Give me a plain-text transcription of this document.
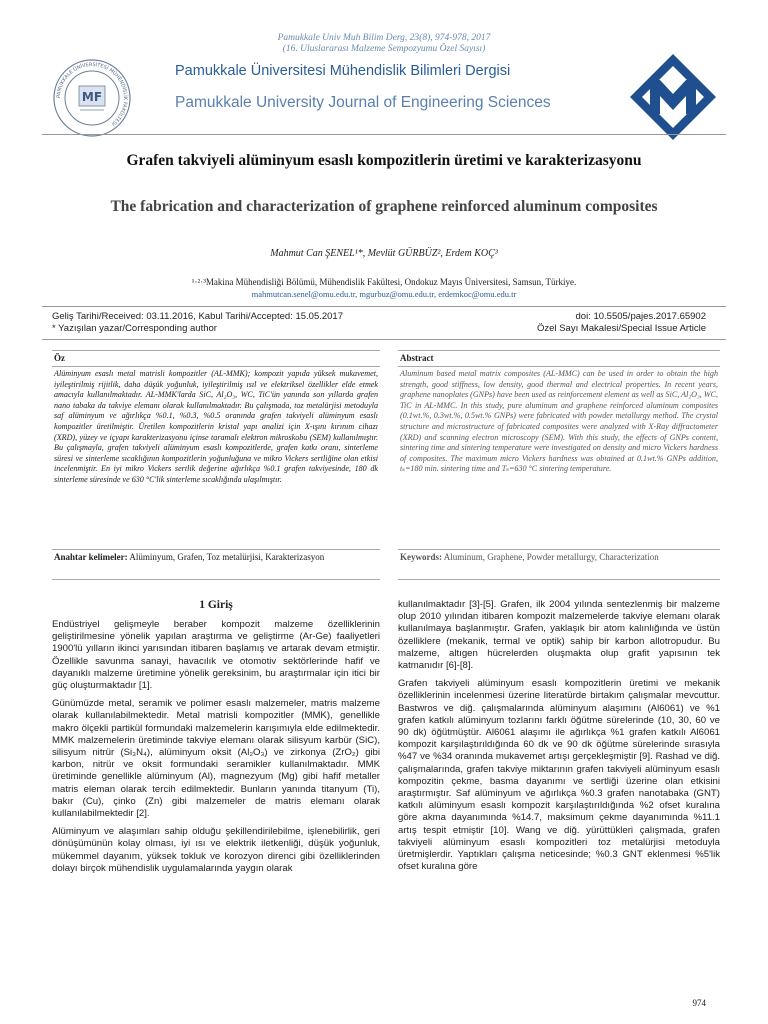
Pamukkale Univ Muh Bilim Derg, 23(8), 974-978, 2017
(16. Uluslararası Malzeme Sempozyumu Özel Sayısı)
PAMUKKALE ÜNİVERSİTESİ MÜHENDİSLİK FAKÜLTESİ
MF
Pamukkale Üniversitesi Mühendislik Bilimleri Dergisi
Pamukkale University Journal of Engineering Sciences
Grafen takviyeli alüminyum esaslı kompozitlerin üretimi ve karakterizasyonu
The fabrication and characterization of graphene reinforced aluminum composites
Mahmut Can ŞENEL¹*, Mevlüt GÜRBÜZ², Erdem KOÇ³
¹·²·³Makina Mühendisliği Bölümü, Mühendislik Fakültesi, Ondokuz Mayıs Üniversitesi, Samsun, Türkiye.
mahmutcan.senel@omu.edu.tr, mgurbuz@omu.edu.tr, erdemkoc@omu.edu.tr
Geliş Tarihi/Received: 03.11.2016, Kabul Tarihi/Accepted: 15.05.2017
* Yazışılan yazar/Corresponding author
doi: 10.5505/pajes.2017.65902
Özel Sayı Makalesi/Special Issue Article
Öz
Alüminyum esaslı metal matrisli kompozitler (AL-MMK); kompozit yapıda yüksek mukavemet, iyileştirilmiş rijitlik, daha düşük yoğunluk, iyileştirilmiş ısıl ve elektriksel özellikler elde etmek amacıyla kullanılmaktadır. AL-MMK'larda SiC, Al₂O₃, WC, TiC'ün yanında son yıllarda grafen nano tabaka da takviye elemanı olarak kullanılmaktadır. Bu çalışmada, toz metalürjisi metoduyla saf alüminyum ve ağırlıkça %0.1, %0.3, %0.5 oranında grafen takviyeli alüminyum esaslı kompozitler üretilmiştir. Üretilen kompozitlerin kristal yapı analizi için X-ışını kırınım cihazı (XRD), yüzey ve içyapı karakterizasyonu içinse taramalı elektron mikroskobu (SEM) kullanılmıştır. Bu çalışmayla, grafen takviyeli alüminyum esaslı kompozitlerde, grafen katkı oranı, sinterleme süresi ve sinterleme sıcaklığının kompozitlerin yoğunluğuna ve mikro Vickers sertliğine olan etkisi incelenmiştir. En iyi mikro Vickers sertlik değerine ağırlıkça %0.1 grafen takviyesinde, 180 dk sinterleme süresinde ve 630 °C'lik sinterleme sıcaklığında ulaşılmıştır.
Anahtar kelimeler: Alüminyum, Grafen, Toz metalürjisi, Karakterizasyon
Abstract
Aluminum based metal matrix composites (AL-MMC) can be used in order to obtain the high strength, good stiffness, low density, good thermal and electrical properties. In recent years, graphene nanoplates (GNPs) have been used as reinforcement element as well as SiC, Al₂O₃, WC, TiC in AL-MMC. In this study, pure aluminum and graphene reinforced aluminum composites (0.1wt.%, 0.3wt.%, 0.5wt.% GNPs) were fabricated with powder metallurgy method. The crystal structure and microstructure of fabricated composites were analyzed with X-Ray diffractometer (XRD) and scanning electron microscopy (SEM). With this study, the effects of GNPs content, sintering time and sintering temperature were investigated on density and micro Vickers hardness of composites. The maximum micro Vickers hardness was obtained at 0.1wt.% GNPs addition, tₛ=180 min. sintering time and Tₛ=630 °C sintering temperature.
Keywords: Aluminum, Graphene, Powder metallurgy, Characterization
1 Giriş

Endüstriyel gelişmeyle beraber kompozit malzeme özelliklerinin geliştirilmesine yönelik yapılan araştırma ve geliştirme (Ar-Ge) faaliyetleri 1900'lü yılların ikinci yarısından itibaren başlamış ve artarak devam etmiştir. Özellikle savunma sanayi, havacılık ve otomotiv sektörlerinde hafif ve dayanıklı malzeme üretimine yönelik gereksinim, bu araştırmalar için itici bir güç oluşturmaktadır [1].

Günümüzde metal, seramik ve polimer esaslı malzemeler, matris malzeme olarak kullanılabilmektedir. Metal matrisli kompozitler (MMK), genellikle makro ölçekli partikül formundaki malzemelerin karışımıyla elde edilmektedir. MMK malzemelerin üretiminde takviye elemanı olarak silisyum karbür (SiC), silisyum nitrür (Si₃N₄), alüminyum oksit (Al₂O₃) ve zirkonya (ZrO₂) gibi karbon, nitrür ve oksit formundaki seramikler kullanılmaktadır. MMK üretiminde genellikle alüminyum (Al), magnezyum (Mg) gibi hafif metaller matris eleman olarak tercih edilmektedir. Bunların yanında titanyum (Ti), bakır (Cu), çinko (Zn) gibi malzemeler de matris elemanı olarak kullanılabilmektedir [2].

Alüminyum ve alaşımları sahip olduğu şekillendirilebilme, işlenebilirlik, geri dönüşümünün kolay olması, iyi ısı ve elektrik iletkenliği, düşük yoğunluk, mükemmel dayanım, yüksek tokluk ve korozyon direnci gibi özelliklerinden dolayı birçok mühendislik uygulamalarında yaygın olarak

kullanılmaktadır [3]-[5]. Grafen, ilk 2004 yılında sentezlenmiş bir malzeme olup 2010 yılından itibaren kompozit malzemelerde takviye elemanı olarak kullanılmaya başlanmıştır. Grafen, yaklaşık bir atom kalınlığında ve üstün özelliklere (mekanik, termal ve optik) sahip bir karbon allotropudur. Bu malzeme, altıgen hücrelerden oluşmakta olup grafit yapısının tek katmanıdır [6]-[8].

Grafen takviyeli alüminyum esaslı kompozitlerin üretimi ve mekanik özelliklerinin incelenmesi üzerine literatürde birtakım çalışmalar mevcuttur. Bastwros ve diğ. çalışmalarında alüminyum alaşımını (Al6061) ve %1 grafen katkılı alüminyum tozlarını farklı öğütme sürelerinde (10, 30, 60 ve 90 dk) öğütmüştür. Al6061 alaşımı ile ağırlıkça %1 grafen katkılı Al6061 kompozit karşılaştırıldığında 60 dk ve 90 dk öğütme sürelerinde sırasıyla %47 ve %34 oranında mukavemet artışı gerçekleşmiştir [9]. Rashad ve diğ. çalışmalarında, grafen takviye miktarının grafen takviyeli alüminyum esaslı kompozitin çekme, basma dayanımı ve sertliği üzerine olan etkisini araştırmıştır. Saf alüminyum ve ağırlıkça %0.3 grafen nanotabaka (GNT) katkılı alüminyum esaslı kompozit karşılaştırıldığında %2 ofset kuralına göre akma dayanımında %14.7, maksimum çekme dayanımında %11.1 artış tespit etmiştir [10]. Wang ve diğ. yürüttükleri çalışmada, grafen takviyeli alüminyum esaslı kompozitleri toz metalürjisi metoduyla üretmişlerdir. Yaptıkları çalışma neticesinde; %0.3 GNT eklenmesi %5'lik ofset kuralına göre

974
